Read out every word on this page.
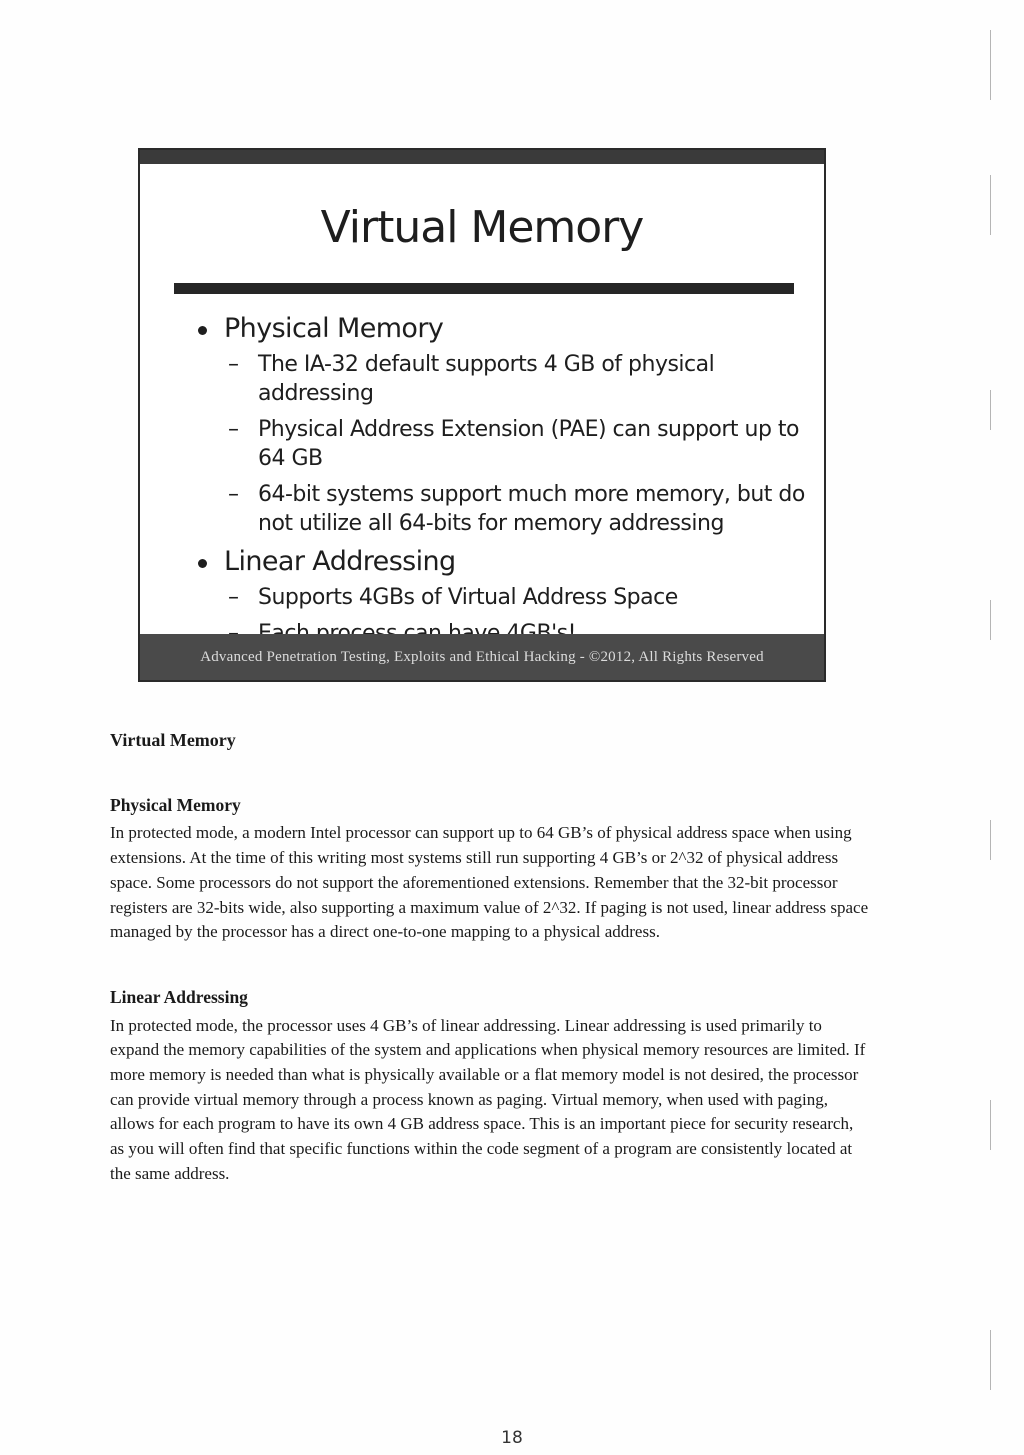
Virtual Memory
Physical Memory
– The IA-32 default supports 4 GB of physical addressing
– Physical Address Extension (PAE) can support up to 64 GB
– 64-bit systems support much more memory, but do not utilize all 64-bits for memory addressing
Linear Addressing
– Supports 4GBs of Virtual Address Space
Advanced Penetration Testing, Exploits and Ethical Hacking - ©2012, All Rights Reserved
Virtual Memory
Physical Memory

In protected mode, a modern Intel processor can support up to 64 GB’s of physical address space when using extensions. At the time of this writing most systems still run supporting 4 GB’s or 2^32 of physical address space. Some processors do not support the aforementioned extensions. Remember that the 32-bit processor registers are 32-bits wide, also supporting a maximum value of 2^32. If paging is not used, linear address space managed by the processor has a direct one-to-one mapping to a physical address.

Linear Addressing

In protected mode, the processor uses 4 GB’s of linear addressing. Linear addressing is used primarily to expand the memory capabilities of the system and applications when physical memory resources are limited. If more memory is needed than what is physically available or a flat memory model is not desired, the processor can provide virtual memory through a process known as paging. Virtual memory, when used with paging, allows for each program to have its own 4 GB address space. This is an important piece for security research, as you will often find that specific functions within the code segment of a program are consistently located at the same address.

18
